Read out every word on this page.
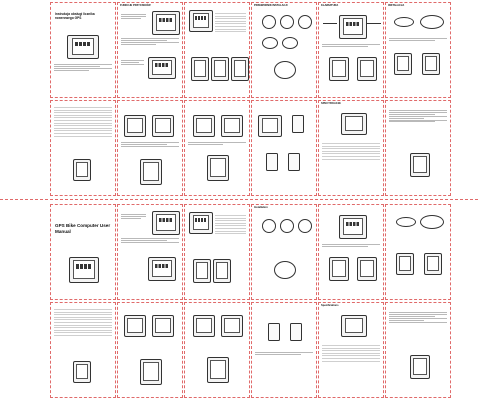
Instrukcja obsługi licznika rowerowego GPS
FUNKCJE PRZYCISKÓW	PRZEWODNIK INSTALACJI	KLAWIATURA	INSTALACJA
SPECYFIKACJE
GPS Bike Computer User Manual
Installation
Specifications
